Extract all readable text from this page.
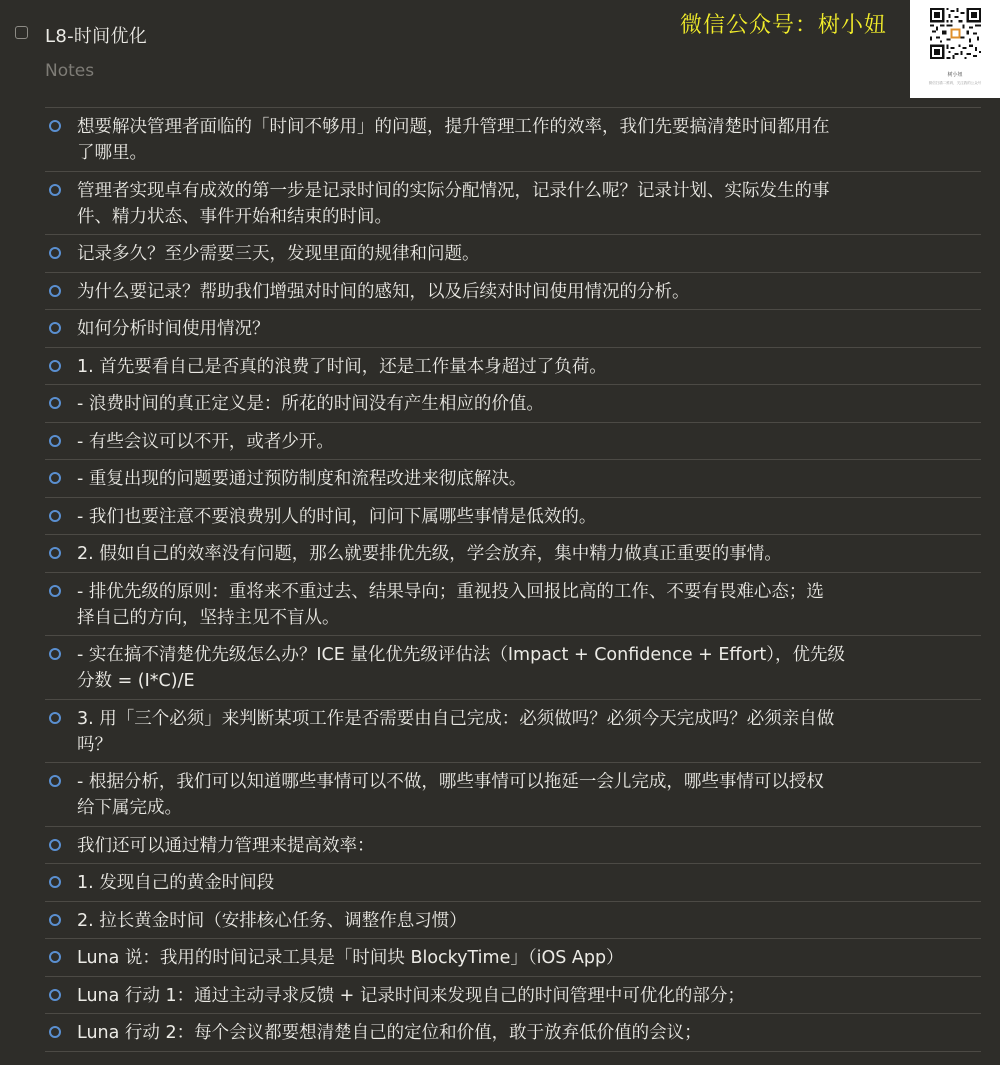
L8-时间优化
Notes
微信公众号：树小妞
树小妞
微信扫描二维码，关注我的公众号
想要解决管理者面临的「时间不够用」的问题，提升管理工作的效率，我们先要搞清楚时间都用在
了哪里。
管理者实现卓有成效的第一步是记录时间的实际分配情况，记录什么呢？记录计划、实际发生的事
件、精力状态、事件开始和结束的时间。
记录多久？至少需要三天，发现里面的规律和问题。
为什么要记录？帮助我们增强对时间的感知，以及后续对时间使用情况的分析。
如何分析时间使用情况？
1. 首先要看自己是否真的浪费了时间，还是工作量本身超过了负荷。
- 浪费时间的真正定义是：所花的时间没有产生相应的价值。
- 有些会议可以不开，或者少开。
- 重复出现的问题要通过预防制度和流程改进来彻底解决。
- 我们也要注意不要浪费别人的时间，问问下属哪些事情是低效的。
2. 假如自己的效率没有问题，那么就要排优先级，学会放弃，集中精力做真正重要的事情。
- 排优先级的原则：重将来不重过去、结果导向；重视投入回报比高的工作、不要有畏难心态；选
择自己的方向，坚持主见不盲从。
- 实在搞不清楚优先级怎么办？ICE 量化优先级评估法（Impact + Confidence + Effort），优先级
分数 = (I*C)/E
3. 用「三个必须」来判断某项工作是否需要由自己完成：必须做吗？必须今天完成吗？必须亲自做
吗？
- 根据分析，我们可以知道哪些事情可以不做，哪些事情可以拖延一会儿完成，哪些事情可以授权
给下属完成。
我们还可以通过精力管理来提高效率：
1. 发现自己的黄金时间段
2. 拉长黄金时间（安排核心任务、调整作息习惯）
Luna 说：我用的时间记录工具是「时间块 BlockyTime」（iOS App）
Luna 行动 1：通过主动寻求反馈 + 记录时间来发现自己的时间管理中可优化的部分；
Luna 行动 2：每个会议都要想清楚自己的定位和价值，敢于放弃低价值的会议；
